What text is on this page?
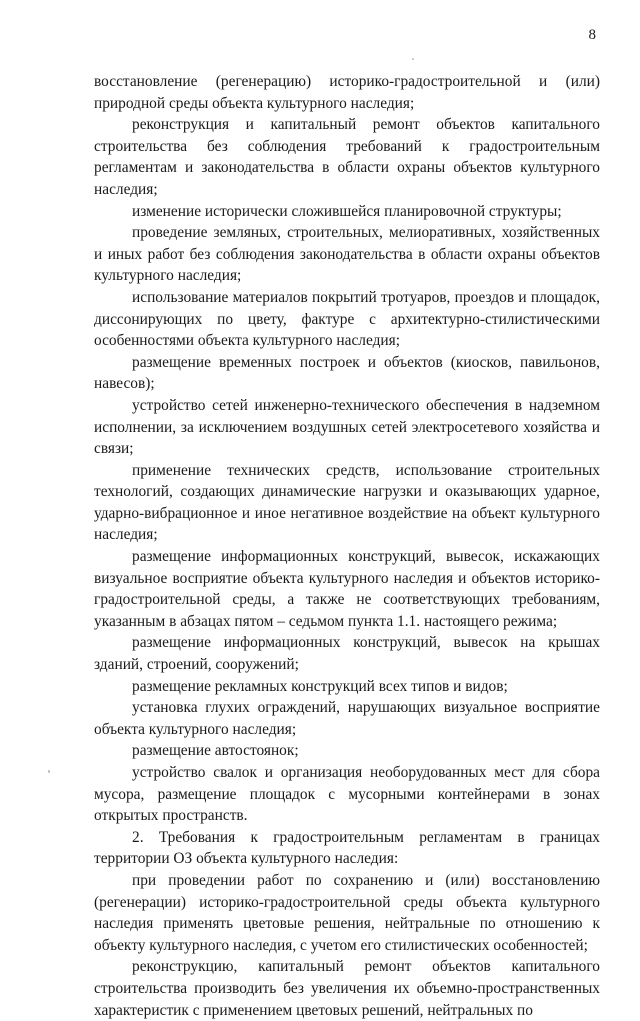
8

восстановление (регенерацию) историко-градостроительной и (или) природной среды объекта культурного наследия;

реконструкция и капитальный ремонт объектов капитального строительства без соблюдения требований к градостроительным регламентам и законодательства в области охраны объектов культурного наследия;

изменение исторически сложившейся планировочной структуры;

проведение земляных, строительных, мелиоративных, хозяйственных и иных работ без соблюдения законодательства в области охраны объектов культурного наследия;

использование материалов покрытий тротуаров, проездов и площадок, диссонирующих по цвету, фактуре с архитектурно-стилистическими особенностями объекта культурного наследия;

размещение временных построек и объектов (киосков, павильонов, навесов);

устройство сетей инженерно-технического обеспечения в надземном исполнении, за исключением воздушных сетей электросетевого хозяйства и связи;

применение технических средств, использование строительных технологий, создающих динамические нагрузки и оказывающих ударное, ударно-вибрационное и иное негативное воздействие на объект культурного наследия;

размещение информационных конструкций, вывесок, искажающих визуальное восприятие объекта культурного наследия и объектов историко-градостроительной среды, а также не соответствующих требованиям, указанным в абзацах пятом – седьмом пункта 1.1. настоящего режима;

размещение информационных конструкций, вывесок на крышах зданий, строений, сооружений;

размещение рекламных конструкций всех типов и видов;

установка глухих ограждений, нарушающих визуальное восприятие объекта культурного наследия;

размещение автостоянок;

устройство свалок и организация необорудованных мест для сбора мусора, размещение площадок с мусорными контейнерами в зонах открытых пространств.

2. Требования к градостроительным регламентам в границах территории ОЗ объекта культурного наследия:

при проведении работ по сохранению и (или) восстановлению (регенерации) историко-градостроительной среды объекта культурного наследия применять цветовые решения, нейтральные по отношению к объекту культурного наследия, с учетом его стилистических особенностей;

реконструкцию, капитальный ремонт объектов капитального строительства производить без увеличения их объемно-пространственных характеристик с применением цветовых решений, нейтральных по
